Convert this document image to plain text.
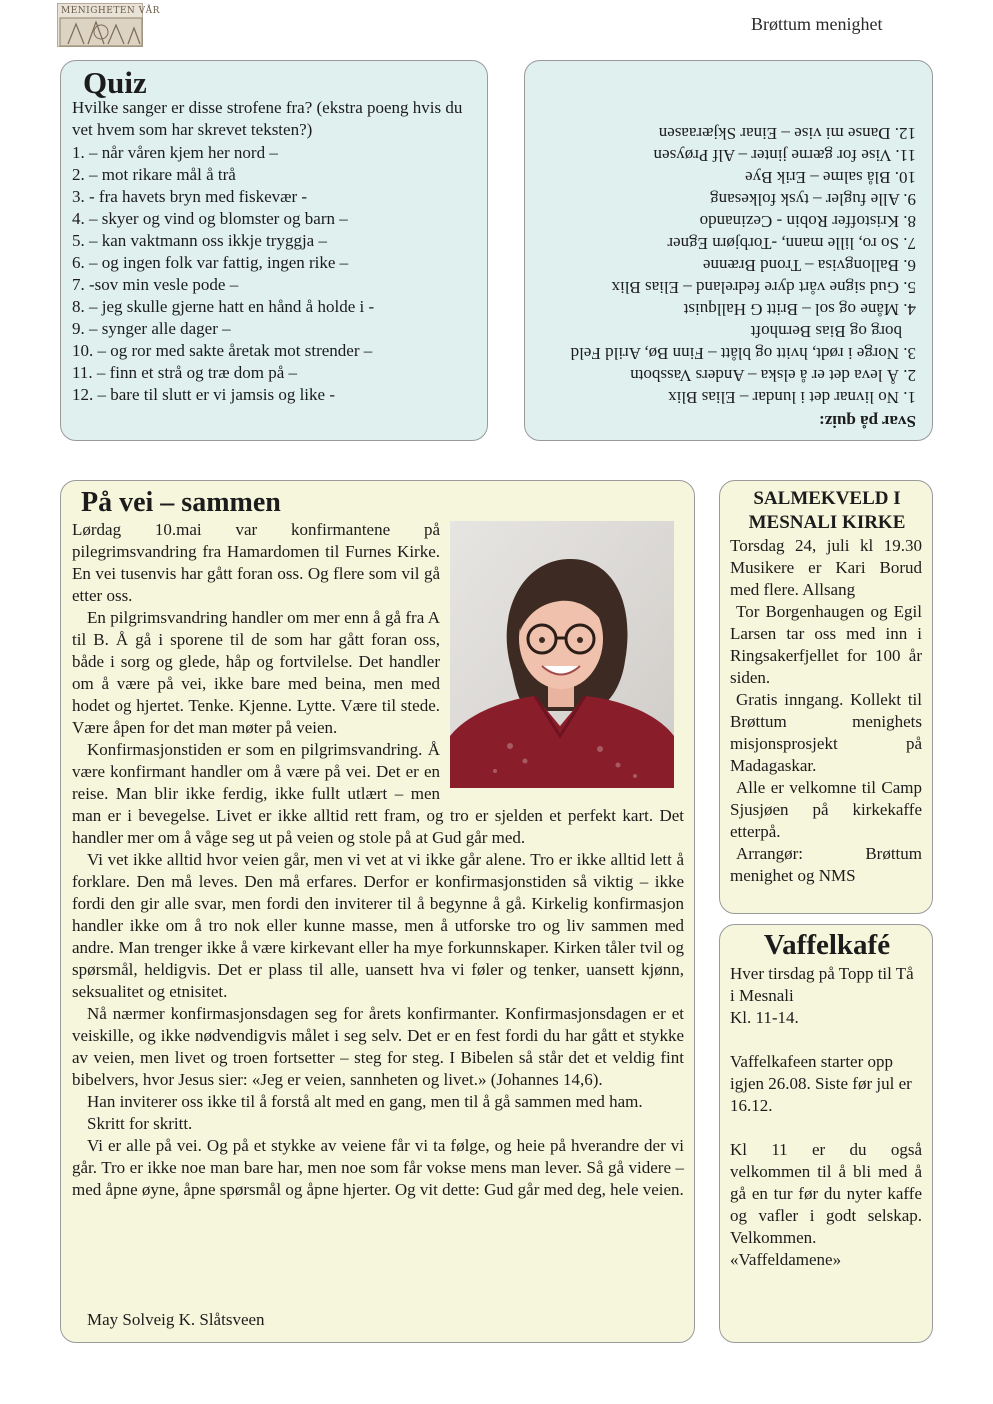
MENIGHETEN VÅR
Brøttum menighet
Quiz
Hvilke sanger er disse strofene fra? (ekstra poeng hvis du vet hvem som har skrevet teksten?)
1. – når våren kjem her nord –
2. – mot rikare mål å trå
3. - fra havets bryn med fiskevær -
4. – skyer og vind og blomster og barn –
5. – kan vaktmann oss ikkje tryggja –
6. – og ingen folk var fattig, ingen rike –
7. -sov min vesle pode –
8. – jeg skulle gjerne hatt en hånd å holde i -
9. – synger alle dager –
10. – og ror med sakte åretak mot strender –
11. – finn et strå og træ dom på –
12. – bare til slutt er vi jamsis og like -
Svar på quiz:
1. No livnar det i lundar – Elias Blix
2. Å leva det er å elska – Anders Vassbotn
3. Norge i rødt, hvitt og blått – Finn Bø, Arild Feld
borg og Bias Bernhoft
4. Måne og sol – Britt G Hallquist
5. Gud signe vårt dyre fedreland – Elias Blix
6. Ballongvisa – Trond Brænne
7. So ro, lille mann, -Torbjørn Egner
8. Kristoffer Robin - Cezinando
9. Alle fugler – tysk folkesang
10. Blå salme – Erik Bye
11. Vise for gærne jinter – Alf Prøysen
12. Danse mi vise – Einar Skjæraasen
På vei – sammen

Lørdag 10.mai var konfirmantene på pilegrimsvandring fra Hamardomen til Furnes Kirke. En vei tusenvis har gått foran oss. Og flere som vil gå etter oss.

En pilgrimsvandring handler om mer enn å gå fra A til B. Å gå i sporene til de som har gått foran oss, både i sorg og glede, håp og fortvilelse. Det handler om å være på vei, ikke bare med beina, men med hodet og hjertet. Tenke. Kjenne. Lytte. Være til stede. Være åpen for det man møter på veien.

Konfirmasjonstiden er som en pilgrimsvandring. Å være konfirmant handler om å være på vei. Det er en reise. Man blir ikke ferdig, ikke fullt utlært – men man er i bevegelse. Livet er ikke alltid rett fram, og tro er sjelden et perfekt kart. Det handler mer om å våge seg ut på veien og stole på at Gud går med.

Vi vet ikke alltid hvor veien går, men vi vet at vi ikke går alene. Tro er ikke alltid lett å forklare. Den må leves. Den må erfares. Derfor er konfirmasjonstiden så viktig – ikke fordi den gir alle svar, men fordi den inviterer til å begynne å gå. Kirkelig konfirmasjon handler ikke om å tro nok eller kunne masse, men å utforske tro og liv sammen med andre. Man trenger ikke å være kirkevant eller ha mye forkunnskaper. Kirken tåler tvil og spørsmål, heldigvis. Det er plass til alle, uansett hva vi føler og tenker, uansett kjønn, seksualitet og etnisitet.

Nå nærmer konfirmasjonsdagen seg for årets konfirmanter. Konfirmasjonsdagen er et veiskille, og ikke nødvendigvis målet i seg selv. Det er en fest fordi du har gått et stykke av veien, men livet og troen fortsetter – steg for steg. I Bibelen så står det et veldig fint bibelvers, hvor Jesus sier: «Jeg er veien, sannheten og livet.» (Johannes 14,6).

Han inviterer oss ikke til å forstå alt med en gang, men til å gå sammen med ham.

Skritt for skritt.

Vi er alle på vei. Og på et stykke av veiene får vi ta følge, og heie på hverandre der vi går. Tro er ikke noe man bare har, men noe som får vokse mens man lever. Så gå videre – med åpne øyne, åpne spørsmål og åpne hjerter. Og vit dette: Gud går med deg, hele veien.

May Solveig K. Slåtsveen
SALMEKVELD I MESNALI KIRKE

Torsdag 24, juli kl 19.30 Musikere er Kari Borud med flere. Allsang

Tor Borgenhaugen og Egil Larsen tar oss med inn i Ringsakerfjellet for 100 år siden.

Gratis inngang. Kollekt til Brøttum menighets misjonsprosjekt på Madagaskar.

Alle er velkomne til Camp Sjusjøen på kirkekaffe etterpå.

Arrangør: Brøttum menighet og NMS

Vaffelkafé

Hver tirsdag på Topp til Tå i Mesnali

Kl. 11-14.

Vaffelkafeen starter opp igjen 26.08. Siste før jul er 16.12.

Kl 11 er du også velkommen til å bli med å gå en tur før du nyter kaffe og vafler i godt selskap. Velkommen. «Vaffeldamene»
